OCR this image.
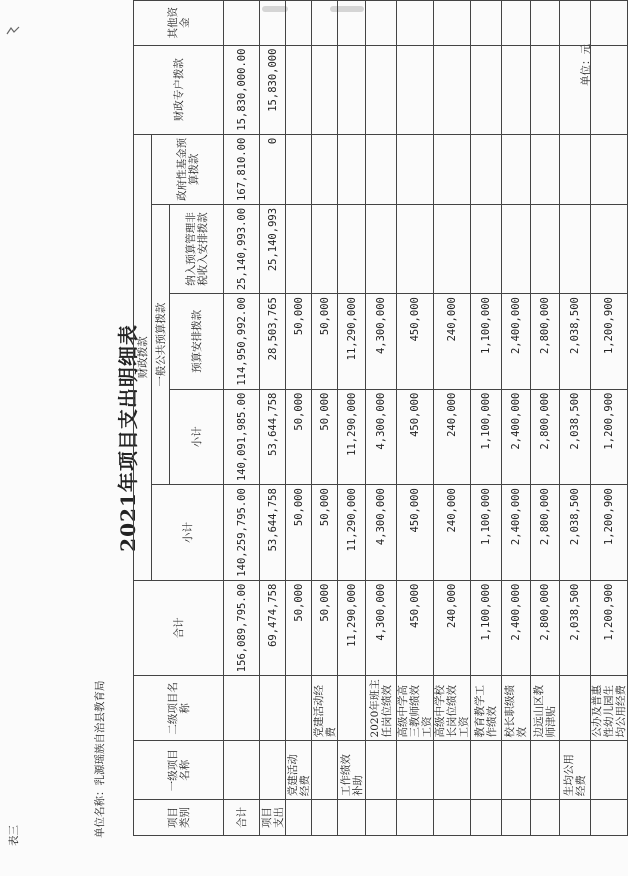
表三	单位名称：乳源瑶族自治县教育局
单位：元
2021年项目支出明细表
项目类别	一级项目名称	二级项目名称	合计	财政拨款					财政专户拨款	其他资金
				小计	一般公共预算拨款			政府性基金预算拨款		
					小计	预算安排拨款	纳入预算管理非税收入安排拨款			

合计			156,089,795.00	140,259,795.00	140,091,985.00	114,950,992.00	25,140,993.00	167,810.00	15,830,000.00	
项目支出			69,474,758	53,644,758	53,644,758	28,503,765	25,140,993	0	15,830,000	
	党建活动经费		50,000	50,000	50,000	50,000				
		党建活动经费	50,000	50,000	50,000	50,000				
	工作绩效补助		11,290,000	11,290,000	11,290,000	11,290,000				
		2020年班主任岗位绩效	4,300,000	4,300,000	4,300,000	4,300,000				
		高级中学高三教师绩效工资	450,000	450,000	450,000	450,000				
		高级中学校长岗位绩效工资	240,000	240,000	240,000	240,000				
		教育教学工作绩效	1,100,000	1,100,000	1,100,000	1,100,000				
		校长职级绩效	2,400,000	2,400,000	2,400,000	2,400,000				
		边远山区教师津贴	2,800,000	2,800,000	2,800,000	2,800,000				
	生均公用经费		2,038,500	2,038,500	2,038,500	2,038,500				
		公办及普惠性幼儿园生均公用经费	1,200,900	1,200,900	1,200,900	1,200,900				
